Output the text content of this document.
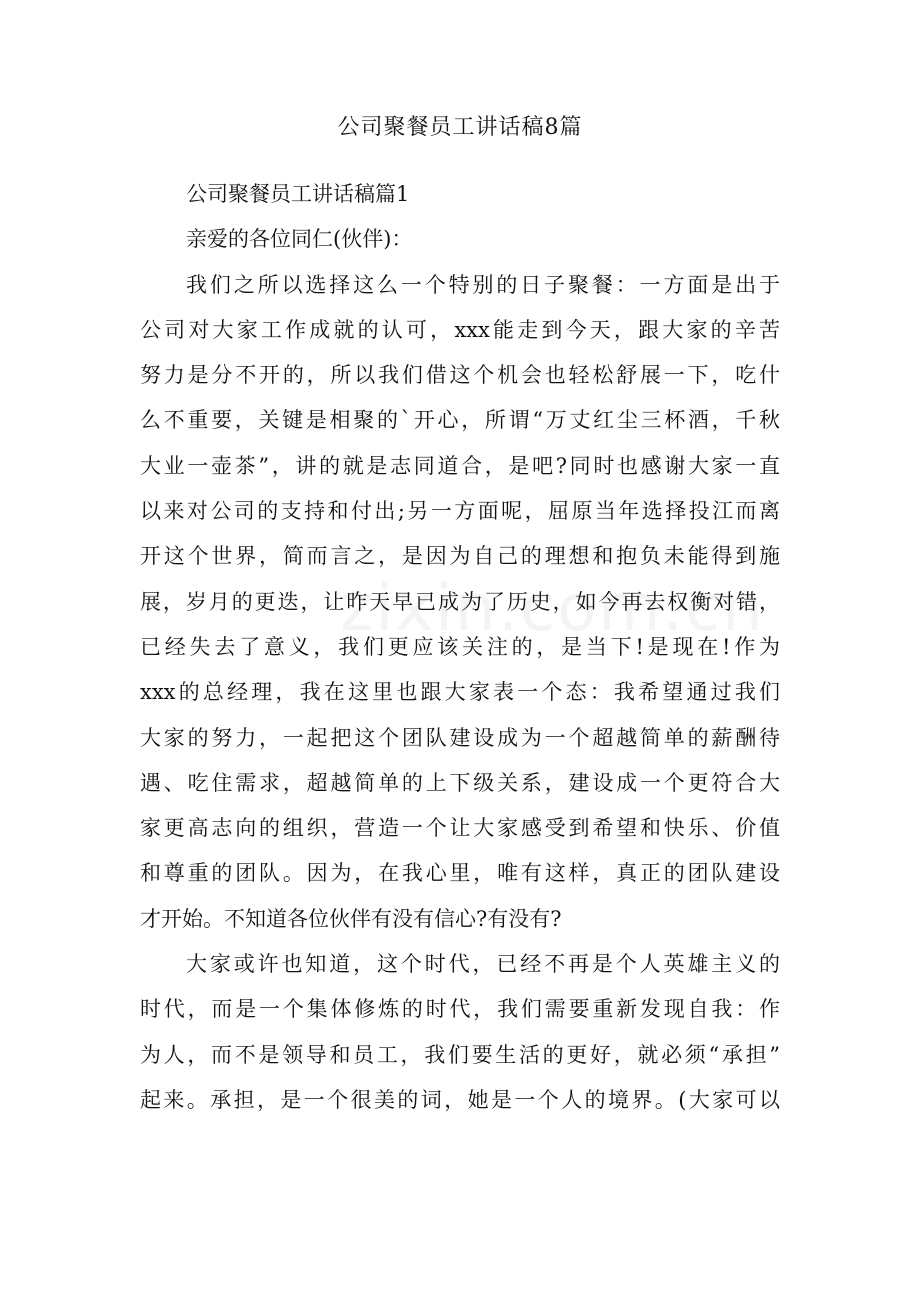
公司聚餐员工讲话稿8篇
公司聚餐员工讲话稿篇1
亲爱的各位同仁(伙伴)：
我们之所以选择这么一个特别的日子聚餐：一方面是出于
公司对大家工作成就的认可，xxx能走到今天，跟大家的辛苦
努力是分不开的，所以我们借这个机会也轻松舒展一下，吃什
么不重要，关键是相聚的`开心，所谓“万丈红尘三杯酒，千秋
大业一壶茶”，讲的就是志同道合，是吧?同时也感谢大家一直
以来对公司的支持和付出;另一方面呢，屈原当年选择投江而离
开这个世界，简而言之，是因为自己的理想和抱负未能得到施
展，岁月的更迭，让昨天早已成为了历史，如今再去权衡对错，
已经失去了意义，我们更应该关注的，是当下!是现在!作为
xxx的总经理，我在这里也跟大家表一个态：我希望通过我们
大家的努力，一起把这个团队建设成为一个超越简单的薪酬待
遇、吃住需求，超越简单的上下级关系，建设成一个更符合大
家更高志向的组织，营造一个让大家感受到希望和快乐、价值
和尊重的团队。因为，在我心里，唯有这样，真正的团队建设
才开始。不知道各位伙伴有没有信心?有没有?
大家或许也知道，这个时代，已经不再是个人英雄主义的
时代，而是一个集体修炼的时代，我们需要重新发现自我：作
为人，而不是领导和员工，我们要生活的更好，就必须“承担”
起来。承担，是一个很美的词，她是一个人的境界。(大家可以
